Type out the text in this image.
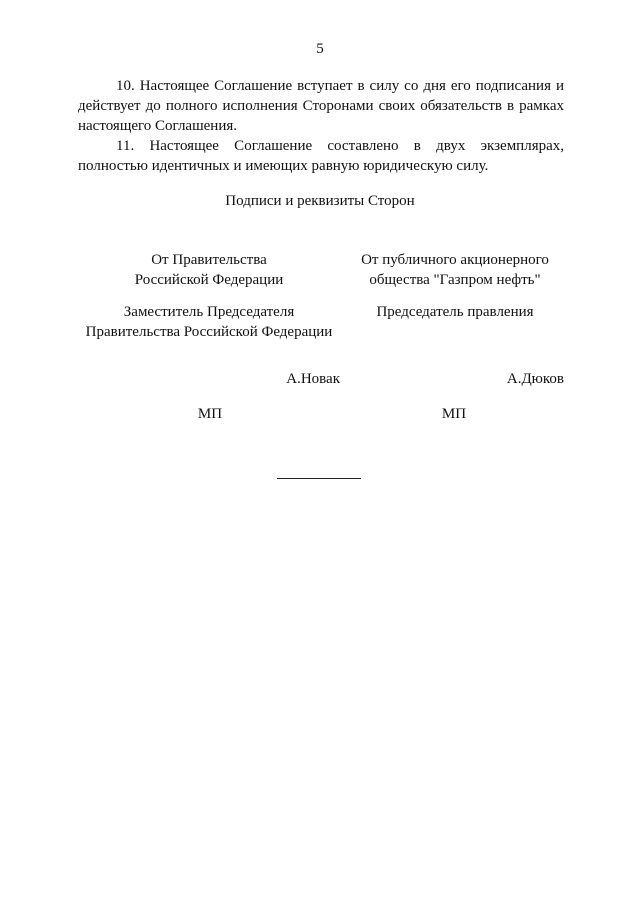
5

10. Настоящее Соглашение вступает в силу со дня его подписания и действует до полного исполнения Сторонами своих обязательств в рамках настоящего Соглашения.

11. Настоящее Соглашение составлено в двух экземплярах, полностью идентичных и имеющих равную юридическую силу.

Подписи и реквизиты Сторон
От Правительства
Российской Федерации
От публичного акционерного
общества "Газпром нефть"
Заместитель Председателя
Правительства Российской Федерации
Председатель правления
А.Новак	А.Дюков
МП	МП
